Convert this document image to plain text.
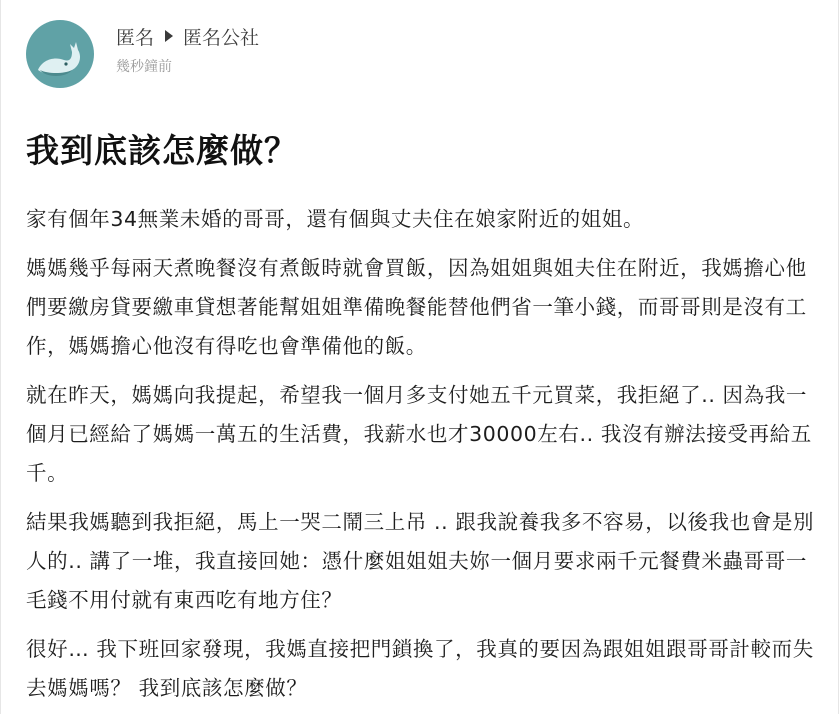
匿名 匿名公社
幾秒鐘前
我到底該怎麼做？

家有個年34無業未婚的哥哥，還有個與丈夫住在娘家附近的姐姐。

媽媽幾乎每兩天煮晚餐沒有煮飯時就會買飯，因為姐姐與姐夫住在附近，我媽擔心他們要繳房貸要繳車貸想著能幫姐姐準備晚餐能替他們省一筆小錢，而哥哥則是沒有工作，媽媽擔心他沒有得吃也會準備他的飯。

就在昨天，媽媽向我提起，希望我一個月多支付她五千元買菜，我拒絕了.. 因為我一個月已經給了媽媽一萬五的生活費，我薪水也才30000左右.. 我沒有辦法接受再給五千。

結果我媽聽到我拒絕，馬上一哭二鬧三上吊 .. 跟我說養我多不容易，以後我也會是別人的.. 講了一堆，我直接回她：憑什麼姐姐姐夫妳一個月要求兩千元餐費米蟲哥哥一毛錢不用付就有東西吃有地方住？

很好… 我下班回家發現，我媽直接把門鎖換了，我真的要因為跟姐姐跟哥哥計較而失去媽媽嗎？ 我到底該怎麼做？
